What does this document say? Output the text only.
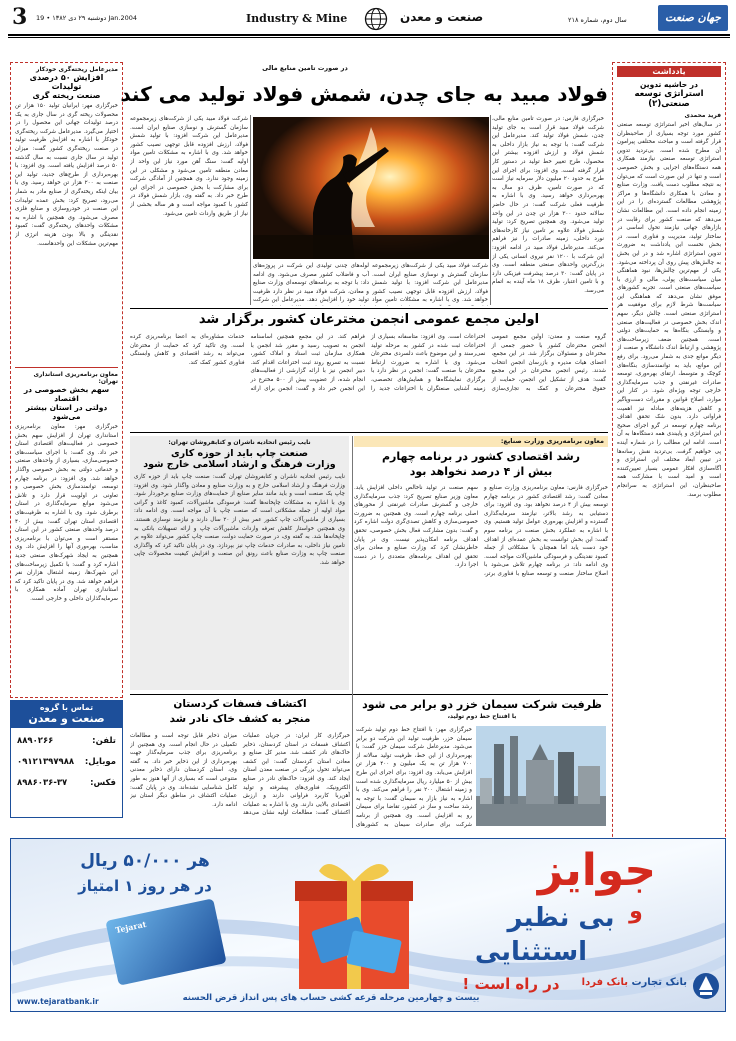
3 دوشنبه ۲۹ دی ۱۳۸۲ • 19 Jan.2004	Industry & Mine	صنعت و معدن	سال دوم، شماره ۲۱۸	جهان صنعت
یادداشت
در حاشیه تدوین
استراتژی توسعه صنعتی(۲)
فرید محمدی
در سال‌های اخیر استراتژی توسعه صنعتی کشور مورد توجه بسیاری از صاحبنظران قرار گرفته است و مباحث مختلفی پیرامون آن مطرح شده است. بی‌تردید تدوین استراتژی توسعه صنعتی نیازمند همکاری همه دستگاه‌های اجرایی و بخش خصوصی است و تنها در این صورت است که می‌توان به نتیجه مطلوب دست یافت. وزارت صنایع و معادن با همکاری دانشگاه‌ها و مراکز پژوهشی مطالعات گسترده‌ای را در این زمینه انجام داده است. این مطالعات نشان می‌دهد که صنعت کشور برای رقابت در بازارهای جهانی نیازمند تحول اساسی در ساختار تولید، مدیریت و فناوری است. در بخش نخست این یادداشت به ضرورت تدوین استراتژی اشاره شد و در این بخش به چالش‌های پیش روی آن پرداخته می‌شود. یکی از مهم‌ترین چالش‌ها، نبود هماهنگی میان سیاست‌های پولی، مالی و ارزی با سیاست‌های صنعتی است. تجربه کشورهای موفق نشان می‌دهد که هماهنگی این سیاست‌ها شرط لازم برای موفقیت هر استراتژی صنعتی است. چالش دیگر، سهم اندک بخش خصوصی در فعالیت‌های صنعتی و وابستگی بنگاه‌ها به حمایت‌های دولتی است. همچنین ضعف زیرساخت‌های پژوهشی و ارتباط اندک دانشگاه و صنعت از دیگر موانع جدی به شمار می‌رود. برای رفع این موانع، باید به توانمندسازی بنگاه‌های کوچک و متوسط، ارتقای بهره‌وری، توسعه صادرات غیرنفتی و جذب سرمایه‌گذاری خارجی توجه ویژه‌ای شود. در کنار این موارد، اصلاح قوانین و مقررات دست‌وپاگیر و کاهش هزینه‌های مبادله نیز اهمیت فراوانی دارد. بدون شک تحقق اهداف برنامه چهارم توسعه در گرو اجرای صحیح این استراتژی و پایبندی همه دستگاه‌ها به آن است. ادامه این مطالب را در شماره آینده پی خواهیم گرفت. بی‌تردید نقش رسانه‌ها در تبیین ابعاد مختلف این استراتژی و آگاه‌سازی افکار عمومی بسیار تعیین‌کننده است و امید است با مشارکت همه صاحبنظران، این استراتژی به سرانجام مطلوب برسد.
مدیرعامل ریخته‌گری خودکار
افزایش ۵۰ درصدی تولیدات
صنعت ریخته گری
خبرگزاری مهر: ایرانیان تولید ۱۵۰ هزار تن محصولات ریخته گری در سال جاری به یک درصد تولیدات جهانی این محصول را در اختیار می‌گیرد. مدیرعامل شرکت ریخته‌گری خودکار با اشاره به افزایش ظرفیت تولید در صنعت ریخته‌گری کشور گفت: میزان تولید در سال جاری نسبت به سال گذشته ۵۰ درصد افزایش یافته است. وی افزود: با بهره‌برداری از طرح‌های جدید، تولید این صنعت به ۲۰۰ هزار تن خواهد رسید. وی با بیان اینکه ریخته‌گری از صنایع مادر به شمار می‌رود، تصریح کرد: بخش عمده تولیدات این صنعت در خودروسازی و صنایع فلزی مصرف می‌شود. وی همچنین با اشاره به مشکلات واحدهای ریخته‌گری گفت: کمبود نقدینگی و بالا بودن هزینه انرژی از مهم‌ترین مشکلات این واحدهاست.
معاون برنامه‌ریزی استانداری تهران:
سهم بخش خصوصی در اقتصاد
دولتی در استان بیشتر می‌شود
خبرگزاری مهر: معاون برنامه‌ریزی استانداری تهران از افزایش سهم بخش خصوصی در فعالیت‌های اقتصادی استان خبر داد. وی گفت: با اجرای سیاست‌های خصوصی‌سازی، بسیاری از واحدهای صنعتی و خدماتی دولتی به بخش خصوصی واگذار خواهد شد. وی افزود: در برنامه چهارم توسعه، توانمندسازی بخش خصوصی و تعاونی در اولویت قرار دارد و تلاش می‌شود موانع سرمایه‌گذاری در استان برطرف شود. وی با اشاره به ظرفیت‌های اقتصادی استان تهران گفت: بیش از ۴۰ درصد واحدهای صنعتی کشور در این استان مستقر است و می‌توان با برنامه‌ریزی مناسب، بهره‌وری آنها را افزایش داد. وی همچنین به ایجاد شهرک‌های صنعتی جدید اشاره کرد و گفت: با تکمیل زیرساخت‌های این شهرک‌ها، زمینه اشتغال هزاران نفر فراهم خواهد شد. وی در پایان تاکید کرد که استانداری تهران آماده همکاری با سرمایه‌گذاران داخلی و خارجی است.
تماس با گروه
صنعت و معدن
تلفن:
۸۸۹۰۲۶۶
موبایل:
۰۹۱۲۱۳۹۷۹۸۸
فکس:
۸۹۸۶۰۳۶-۳۷
در صورت تامین منابع مالی
فولاد مبید به جای چدن، شمش فولاد تولید می کند
خبرگزاری فارس: در صورت تامین منابع مالی، شرکت فولاد مبید قرار است به جای تولید چدن، شمش فولاد تولید کند. مدیرعامل این شرکت گفت: با توجه به نیاز بازار داخلی به شمش فولاد و ارزش افزوده بیشتر این محصول، طرح تغییر خط تولید در دستور کار قرار گرفته است. وی افزود: برای اجرای این طرح به حدود ۲۰ میلیون دلار سرمایه نیاز است که در صورت تامین، ظرف دو سال به بهره‌برداری خواهد رسید. وی با اشاره به ظرفیت فعلی شرکت گفت: در حال حاضر سالانه حدود ۳۰۰ هزار تن چدن در این واحد تولید می‌شود. وی همچنین تصریح کرد: تولید شمش فولاد علاوه بر تامین نیاز کارخانه‌های نورد داخلی، زمینه صادرات را نیز فراهم می‌کند. مدیرعامل فولاد مبید در ادامه افزود: این شرکت با ۱۲۰۰ نفر نیروی انسانی یکی از بزرگ‌ترین واحدهای صنعتی منطقه است. وی در پایان گفت: ۳۰ درصد پیشرفت فیزیکی دارد و با تامین اعتبار، ظرف ۱۸ ماه آینده به اتمام می‌رسد.
شرکت فولاد مبید یکی از شرکت‌های زیرمجموعه سازمان گسترش و نوسازی صنایع ایران است. مدیرعامل این شرکت افزود: با تولید شمش فولاد، ارزش افزوده قابل توجهی نصیب کشور خواهد شد. وی با اشاره به مشکلات تامین مواد
لوله‌های چدنی تولیدی این شرکت در پروژه‌های آب و فاضلاب کشور مصرف می‌شود. وی ادامه داد: با توجه به برنامه‌های توسعه‌ای وزارت صنایع و معادن، شرکت فولاد مبید در نظر دارد ظرفیت تولید خود را افزایش دهد. مدیرعامل این شرکت
شرکت فولاد مبید یکی از شرکت‌های زیرمجموعه سازمان گسترش و نوسازی صنایع ایران است. مدیرعامل این شرکت افزود: با تولید شمش فولاد، ارزش افزوده قابل توجهی نصیب کشور خواهد شد. وی با اشاره به مشکلات تامین مواد اولیه گفت: سنگ آهن مورد نیاز این واحد از معادن منطقه تامین می‌شود و مشکلی در این زمینه وجود ندارد. وی همچنین از آمادگی شرکت برای مشارکت با بخش خصوصی در اجرای این طرح خبر داد. به گفته وی، بازار شمش فولاد در کشور با کمبود مواجه است و هر ساله بخشی از نیاز از طریق واردات تامین می‌شود.
اولین مجمع عمومی انجمن مخترعان کشور برگزار شد
گروه صنعت و معدن: اولین مجمع عمومی انجمن مخترعان کشور با حضور جمعی از مخترعان و مسئولان برگزار شد. در این مجمع، اعضای هیات مدیره و بازرسان انجمن انتخاب شدند. رئیس انجمن مخترعان در این مجمع گفت: هدف از تشکیل این انجمن، حمایت از حقوق مخترعان و کمک به تجاری‌سازی اختراعات است. وی افزود: متاسفانه بسیاری از اختراعات ثبت شده در کشور به مرحله تولید نمی‌رسند و این موضوع باعث دلسردی مخترعان می‌شود. وی با اشاره به ضرورت ارتباط مخترعان با صنعت گفت: انجمن در نظر دارد با برگزاری نمایشگاه‌ها و همایش‌های تخصصی، زمینه آشنایی صنعتگران با اختراعات جدید را فراهم کند. در این مجمع همچنین اساسنامه انجمن به تصویب رسید و مقرر شد انجمن با همکاری سازمان ثبت اسناد و املاک کشور، نسبت به تسریع روند ثبت اختراعات اقدام کند. دبیر انجمن نیز با ارائه گزارشی از فعالیت‌های انجام شده، از عضویت بیش از ۵۰۰ مخترع در این انجمن خبر داد و گفت: انجمن برای ارائه خدمات مشاوره‌ای به اعضا برنامه‌ریزی کرده است. وی تاکید کرد که حمایت از مخترعان می‌تواند به رشد اقتصادی و کاهش وابستگی فناوری کشور کمک کند.
معاون برنامه‌ریزی وزارت صنایع:
رشد اقتصادی کشور در برنامه چهارم
بیش از ۴ درصد نخواهد بود
خبرگزاری فارس: معاون برنامه‌ریزی وزارت صنایع و معادن گفت: رشد اقتصادی کشور در برنامه چهارم توسعه بیش از ۴ درصد نخواهد بود. وی افزود: برای دستیابی به رشد بالاتر، نیازمند سرمایه‌گذاری گسترده و افزایش بهره‌وری عوامل تولید هستیم. وی با اشاره به عملکرد بخش صنعت در برنامه سوم گفت: این بخش توانست به بخش عمده‌ای از اهداف خود دست یابد اما همچنان با مشکلاتی از جمله کمبود نقدینگی و فرسودگی ماشین‌آلات مواجه است. وی ادامه داد: در برنامه چهارم تلاش می‌شود با اصلاح ساختار صنعت و توسعه صنایع با فناوری برتر، سهم صنعت در تولید ناخالص داخلی افزایش یابد. معاون وزیر صنایع تصریح کرد: جذب سرمایه‌گذاری خارجی و گسترش صادرات غیرنفتی از محورهای اصلی برنامه چهارم است. وی همچنین به ضرورت خصوصی‌سازی و کاهش تصدی‌گری دولت اشاره کرد و گفت: بدون مشارکت فعال بخش خصوصی، تحقق اهداف برنامه امکان‌پذیر نیست. وی در پایان خاطرنشان کرد که وزارت صنایع و معادن برای تحقق این اهداف برنامه‌های متعددی را در دست اجرا دارد.
نایب رئیس اتحادیه ناشران و کتابفروشان تهران:
صنعت چاپ باید از حوزه کاری
وزارت فرهنگ و ارشاد اسلامی خارج شود
نایب رئیس اتحادیه ناشران و کتابفروشان تهران گفت: صنعت چاپ باید از حوزه کاری وزارت فرهنگ و ارشاد اسلامی خارج و به وزارت صنایع و معادن واگذار شود. وی افزود: چاپ یک صنعت است و باید مانند سایر صنایع از حمایت‌های وزارت صنایع برخوردار شود. وی با اشاره به مشکلات چاپخانه‌ها گفت: فرسودگی ماشین‌آلات، کمبود کاغذ و گرانی مواد اولیه از جمله مشکلاتی است که صنعت چاپ با آن مواجه است. وی ادامه داد: بسیاری از ماشین‌آلات چاپ کشور عمر بیش از ۲۰ سال دارند و نیازمند نوسازی هستند. وی همچنین خواستار کاهش تعرفه واردات ماشین‌آلات چاپ و ارائه تسهیلات بانکی به چاپخانه‌ها شد. به گفته وی، در صورت حمایت دولت، صنعت چاپ کشور می‌تواند علاوه بر تامین نیاز داخلی، به صادرات خدمات چاپ نیز بپردازد. وی در پایان تاکید کرد که واگذاری صنعت چاپ به وزارت صنایع باعث رونق این صنعت و افزایش کیفیت محصولات چاپی خواهد شد.
ظرفیت شرکت سیمان خزر دو برابر می شود
با افتتاح خط دوم تولید،
خبرگزاری مهر: با افتتاح خط دوم تولید شرکت سیمان خزر، ظرفیت تولید این شرکت دو برابر می‌شود. مدیرعامل شرکت سیمان خزر گفت: با بهره‌برداری از این خط، ظرفیت تولید سالانه از ۷۰۰ هزار تن به یک میلیون و ۴۰۰ هزار تن افزایش می‌یابد. وی افزود: برای اجرای این طرح بیش از ۵۰ میلیارد ریال سرمایه‌گذاری شده است و زمینه اشتغال ۲۰۰ نفر را فراهم می‌کند. وی با اشاره به نیاز بازار به سیمان گفت: با توجه به رشد ساخت و ساز در کشور، تقاضا برای سیمان رو به افزایش است. وی همچنین از برنامه شرکت برای صادرات سیمان به کشورهای
اکتشاف فسفات کردستان
منجر به کشف خاک نادر شد
خبرگزاری کار ایران: در جریان عملیات اکتشاف فسفات در استان کردستان، ذخایر خاک‌های نادر کشف شد. مدیر کل صنایع و معادن استان کردستان گفت: این کشف می‌تواند تحول بزرگی در صنعت معدن استان ایجاد کند. وی افزود: خاک‌های نادر در صنایع الکترونیک، فناوری‌های پیشرفته و تولید آهن‌ربا کاربرد فراوانی دارند و ارزش اقتصادی بالایی دارند. وی با اشاره به عملیات اکتشاف گفت: مطالعات اولیه نشان می‌دهد میزان ذخایر قابل توجه است و مطالعات تکمیلی در حال انجام است. وی همچنین از برنامه‌ریزی برای جذب سرمایه‌گذار جهت بهره‌برداری از این ذخایر خبر داد. به گفته وی، استان کردستان دارای ذخایر معدنی متنوعی است که بسیاری از آنها هنوز به طور کامل شناسایی نشده‌اند. وی در پایان گفت: عملیات اکتشاف در مناطق دیگر استان نیز ادامه دارد.
Tejarat
هر ۵۰/۰۰۰ ریال
در هر روز ۱ امتیاز	جوایز
بی نظیر و
استثنایی
در راه است !
بیست و چهارمین مرحله قرعه کشی حساب های پس انداز قرض الحسنه
www.tejaratbank.ir
بانک تجارت بانک فردا
